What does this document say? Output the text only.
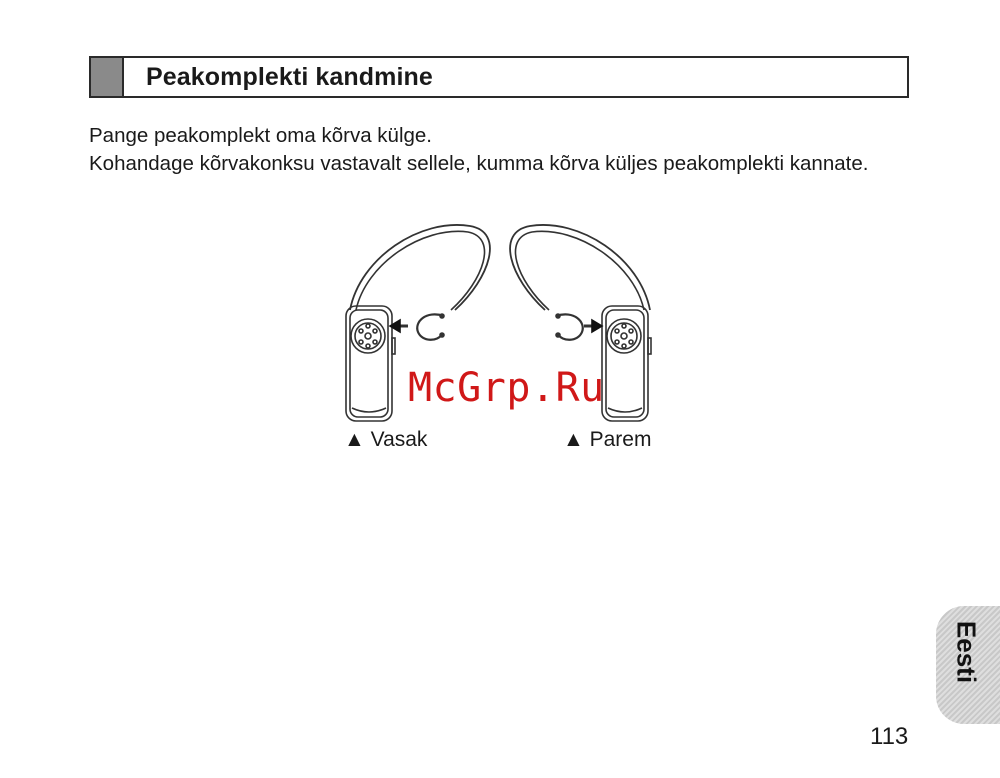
Peakomplekti kandmine

Pange peakomplekt oma kõrva külge.

Kohandage kõrvakonksu vastavalt sellele, kumma kõrva küljes peakomplekti kannate.

▲ Vasak	▲ Parem
McGrp.Ru
Eesti
113
